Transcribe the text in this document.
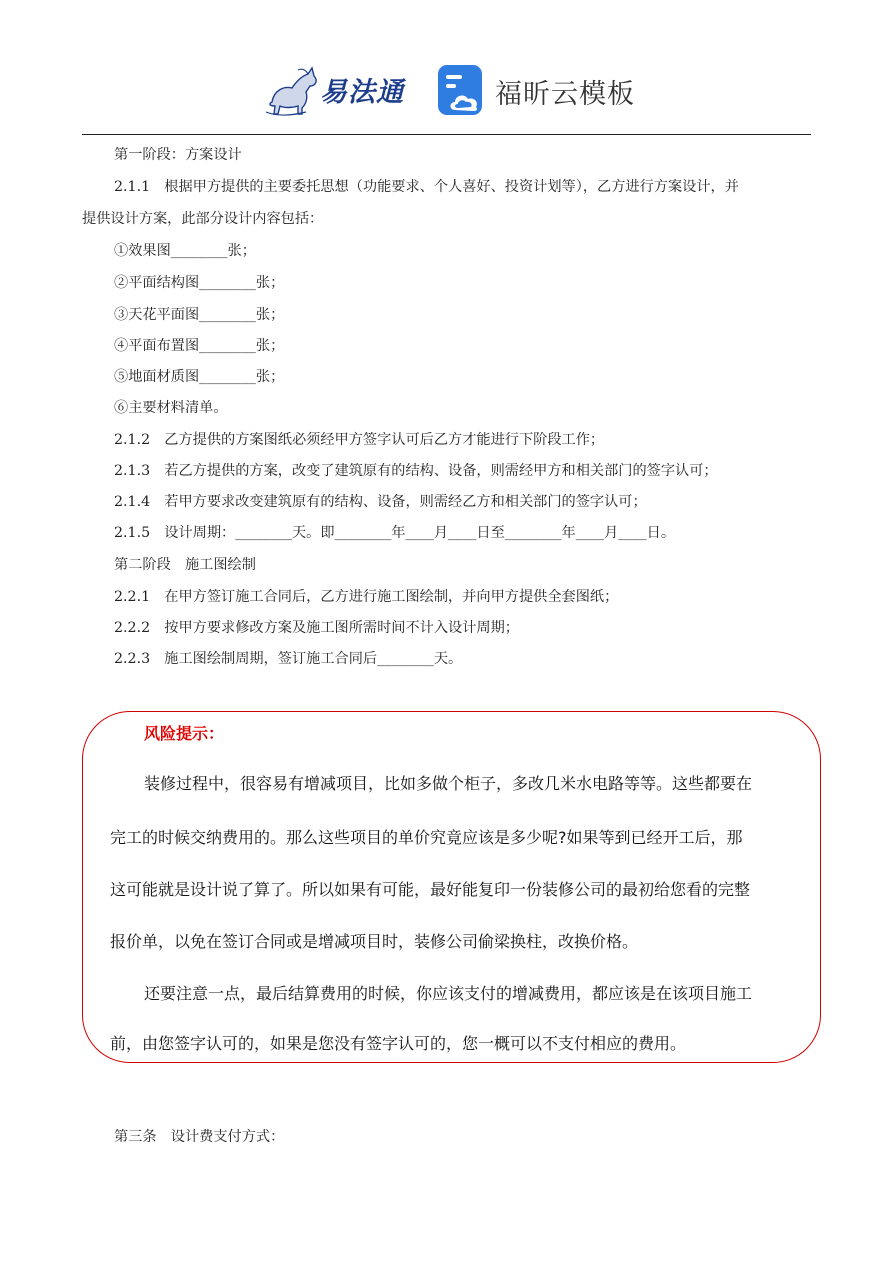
易法通	福昕云模板
第一阶段：方案设计
2.1.1　根据甲方提供的主要委托思想（功能要求、个人喜好、投资计划等），乙方进行方案设计，并
提供设计方案，此部分设计内容包括：
①效果图________张；
②平面结构图________张；
③天花平面图________张；
④平面布置图________张；
⑤地面材质图________张；
⑥主要材料清单。
2.1.2　乙方提供的方案图纸必须经甲方签字认可后乙方才能进行下阶段工作；
2.1.3　若乙方提供的方案，改变了建筑原有的结构、设备，则需经甲方和相关部门的签字认可；
2.1.4　若甲方要求改变建筑原有的结构、设备，则需经乙方和相关部门的签字认可；
2.1.5　设计周期：________天。即________年____月____日至________年____月____日。
第二阶段　施工图绘制
2.2.1　在甲方签订施工合同后，乙方进行施工图绘制，并向甲方提供全套图纸；
2.2.2　按甲方要求修改方案及施工图所需时间不计入设计周期；
2.2.3　施工图绘制周期，签订施工合同后________天。
风险提示：
装修过程中，很容易有增减项目，比如多做个柜子，多改几米水电路等等。这些都要在
完工的时候交纳费用的。那么这些项目的单价究竟应该是多少呢?如果等到已经开工后，那
这可能就是设计说了算了。所以如果有可能，最好能复印一份装修公司的最初给您看的完整
报价单，以免在签订合同或是增减项目时，装修公司偷梁换柱，改换价格。
还要注意一点，最后结算费用的时候，你应该支付的增减费用，都应该是在该项目施工
前，由您签字认可的，如果是您没有签字认可的，您一概可以不支付相应的费用。
第三条　设计费支付方式：
